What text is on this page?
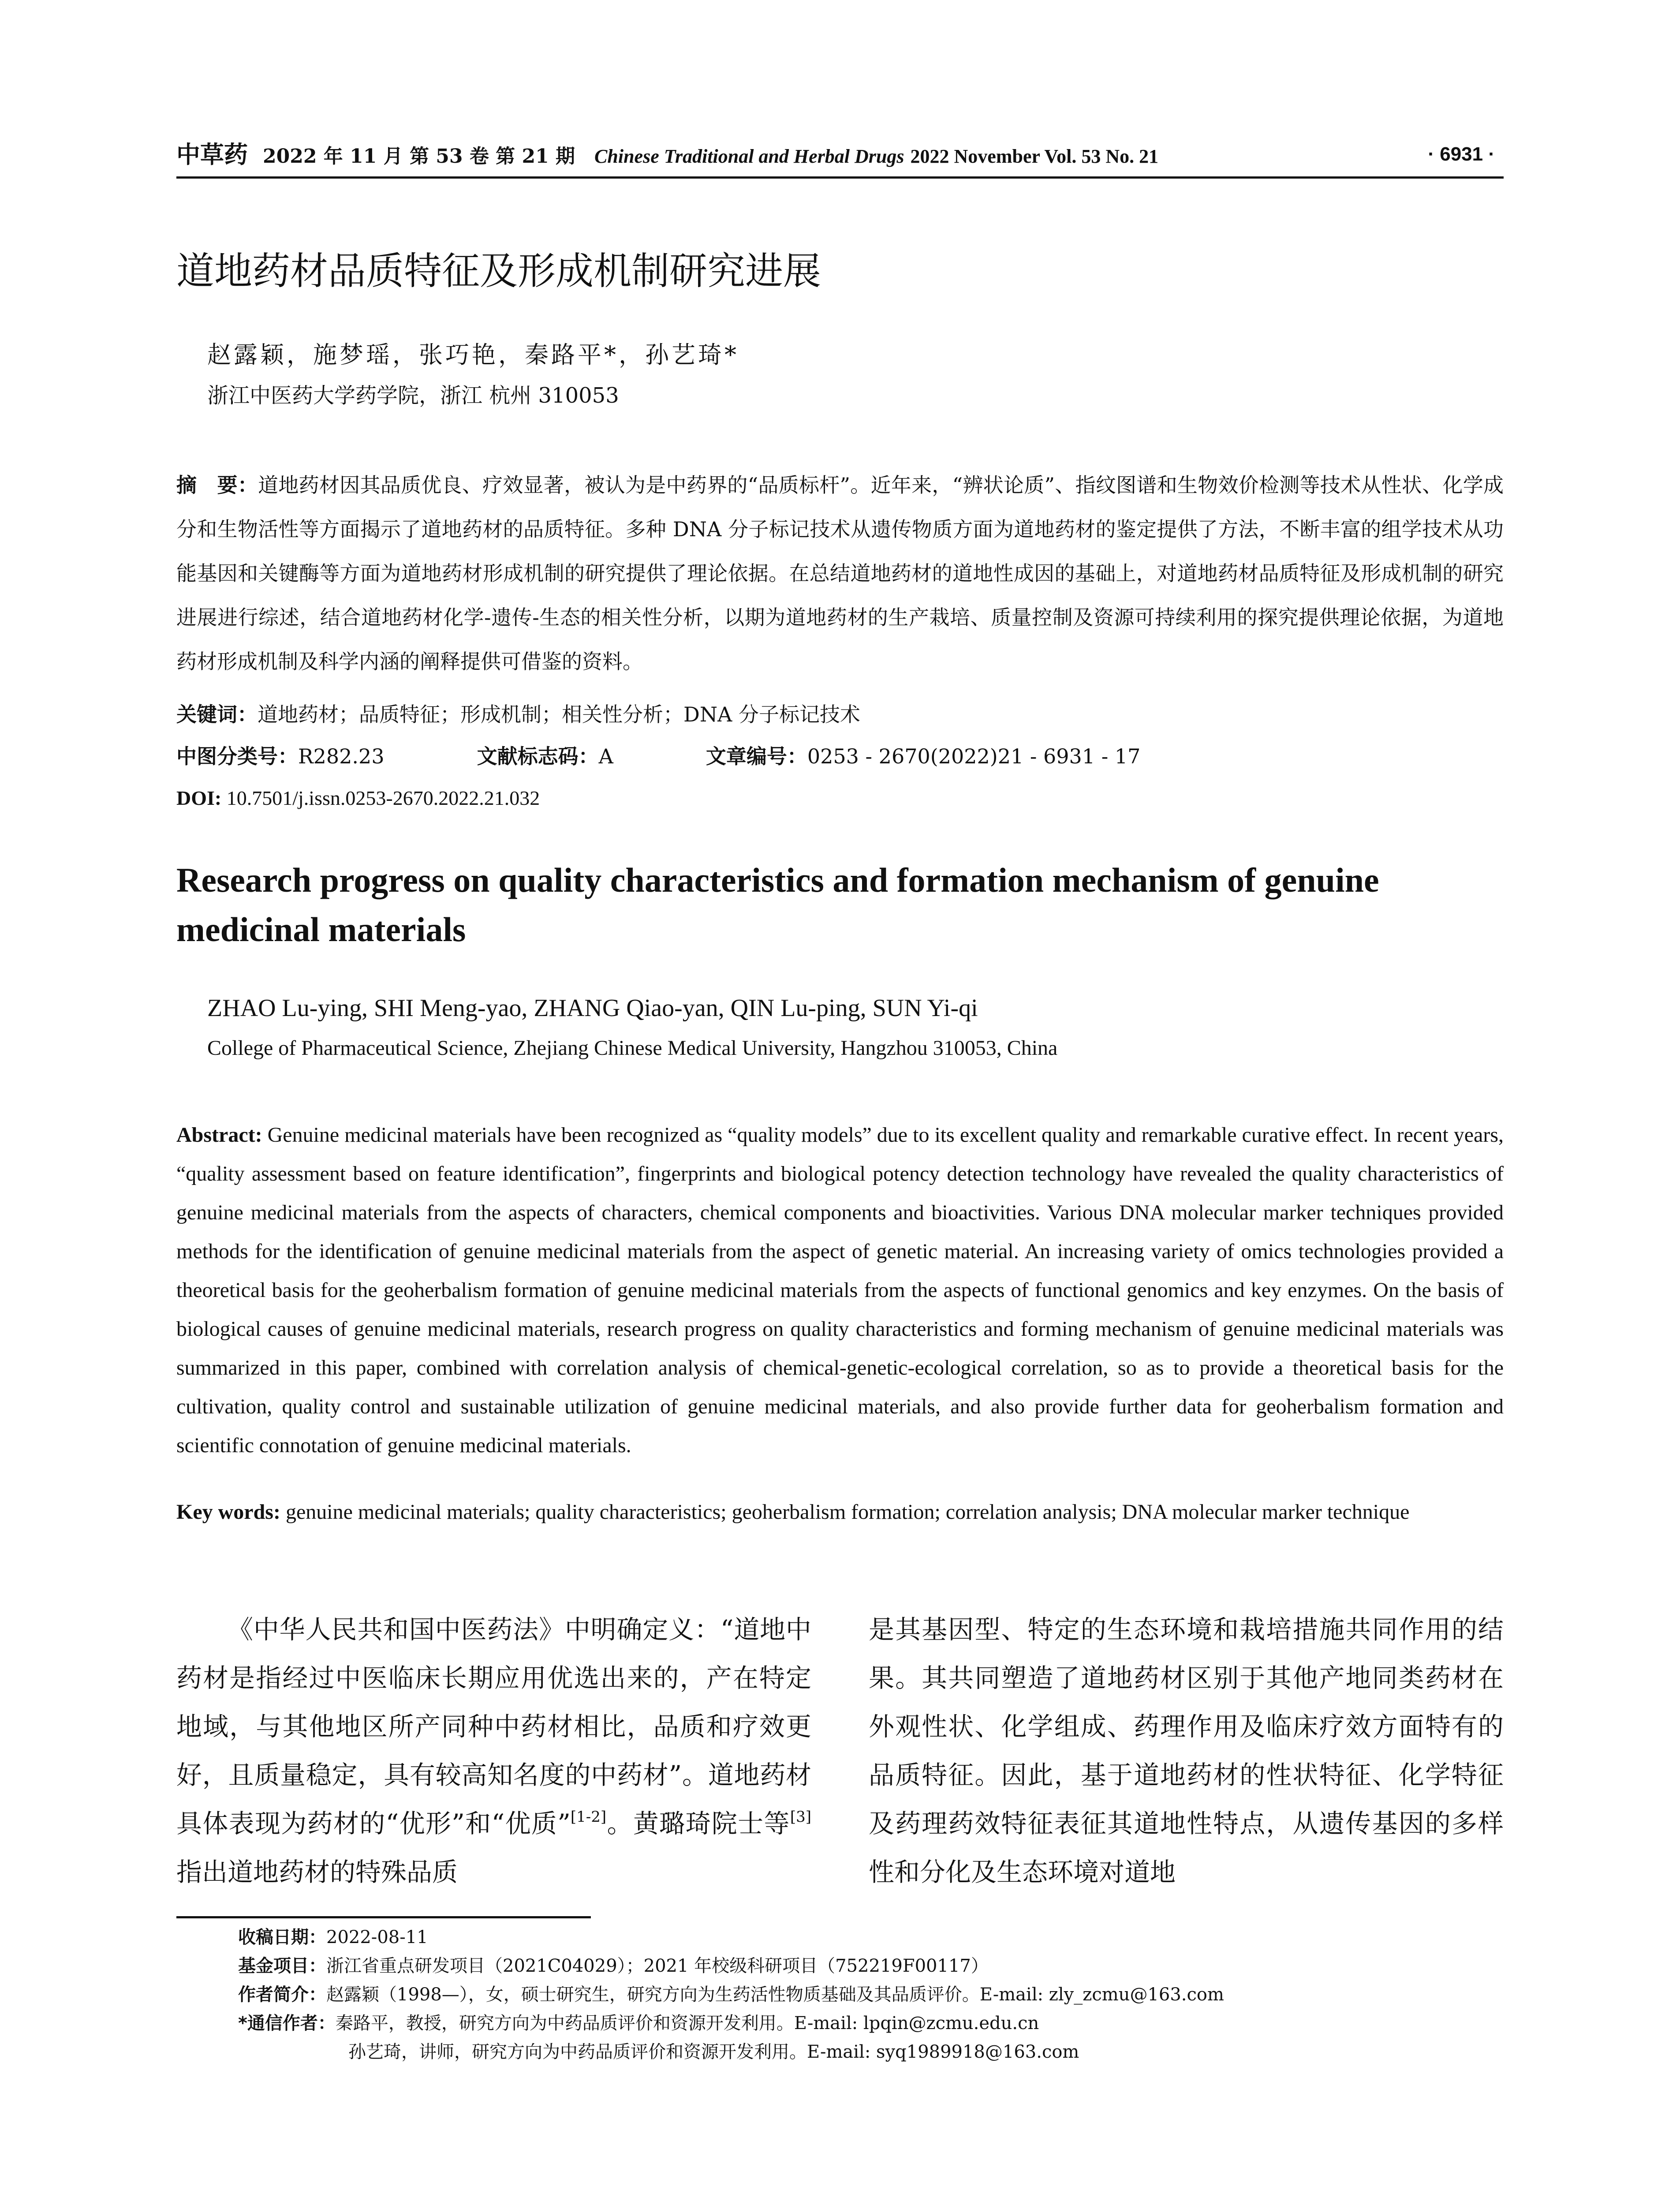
中草药 2022 年 11 月 第 53 卷 第 21 期 Chinese Traditional and Herbal Drugs 2022 November Vol. 53 No. 21	· 6931 ·
道地药材品质特征及形成机制研究进展
赵露颖，施梦瑶，张巧艳，秦路平*，孙艺琦*
浙江中医药大学药学院，浙江 杭州 310053
摘　要：道地药材因其品质优良、疗效显著，被认为是中药界的“品质标杆”。近年来，“辨状论质”、指纹图谱和生物效价检测等技术从性状、化学成分和生物活性等方面揭示了道地药材的品质特征。多种 DNA 分子标记技术从遗传物质方面为道地药材的鉴定提供了方法，不断丰富的组学技术从功能基因和关键酶等方面为道地药材形成机制的研究提供了理论依据。在总结道地药材的道地性成因的基础上，对道地药材品质特征及形成机制的研究进展进行综述，结合道地药材化学-遗传-生态的相关性分析，以期为道地药材的生产栽培、质量控制及资源可持续利用的探究提供理论依据，为道地药材形成机制及科学内涵的阐释提供可借鉴的资料。
关键词：道地药材；品质特征；形成机制；相关性分析；DNA 分子标记技术
中图分类号：R282.23	文献标志码：A	文章编号：0253 - 2670(2022)21 - 6931 - 17
DOI: 10.7501/j.issn.0253-2670.2022.21.032
Research progress on quality characteristics and formation mechanism of genuine medicinal materials
ZHAO Lu-ying, SHI Meng-yao, ZHANG Qiao-yan, QIN Lu-ping, SUN Yi-qi
College of Pharmaceutical Science, Zhejiang Chinese Medical University, Hangzhou 310053, China
Abstract: Genuine medicinal materials have been recognized as “quality models” due to its excellent quality and remarkable curative effect. In recent years, “quality assessment based on feature identification”, fingerprints and biological potency detection technology have revealed the quality characteristics of genuine medicinal materials from the aspects of characters, chemical components and bioactivities. Various DNA molecular marker techniques provided methods for the identification of genuine medicinal materials from the aspect of genetic material. An increasing variety of omics technologies provided a theoretical basis for the geoherbalism formation of genuine medicinal materials from the aspects of functional genomics and key enzymes. On the basis of biological causes of genuine medicinal materials, research progress on quality characteristics and forming mechanism of genuine medicinal materials was summarized in this paper, combined with correlation analysis of chemical-genetic-ecological correlation, so as to provide a theoretical basis for the cultivation, quality control and sustainable utilization of genuine medicinal materials, and also provide further data for geoherbalism formation and scientific connotation of genuine medicinal materials.
Key words: genuine medicinal materials; quality characteristics; geoherbalism formation; correlation analysis; DNA molecular marker technique
《中华人民共和国中医药法》中明确定义：“道地中药材是指经过中医临床长期应用优选出来的，产在特定地域，与其他地区所产同种中药材相比，品质和疗效更好，且质量稳定，具有较高知名度的中药材”。道地药材具体表现为药材的“优形”和“优质”[1-2]。黄璐琦院士等[3]指出道地药材的特殊品质
是其基因型、特定的生态环境和栽培措施共同作用的结果。其共同塑造了道地药材区别于其他产地同类药材在外观性状、化学组成、药理作用及临床疗效方面特有的品质特征。因此，基于道地药材的性状特征、化学特征及药理药效特征表征其道地性特点，从遗传基因的多样性和分化及生态环境对道地
收稿日期：2022-08-11
基金项目：浙江省重点研发项目（2021C04029）；2021 年校级科研项目（752219F00117）
作者简介：赵露颖（1998—），女，硕士研究生，研究方向为生药活性物质基础及其品质评价。E-mail: zly_zcmu@163.com
*通信作者：秦路平，教授，研究方向为中药品质评价和资源开发利用。E-mail: lpqin@zcmu.edu.cn
孙艺琦，讲师，研究方向为中药品质评价和资源开发利用。E-mail: syq1989918@163.com
